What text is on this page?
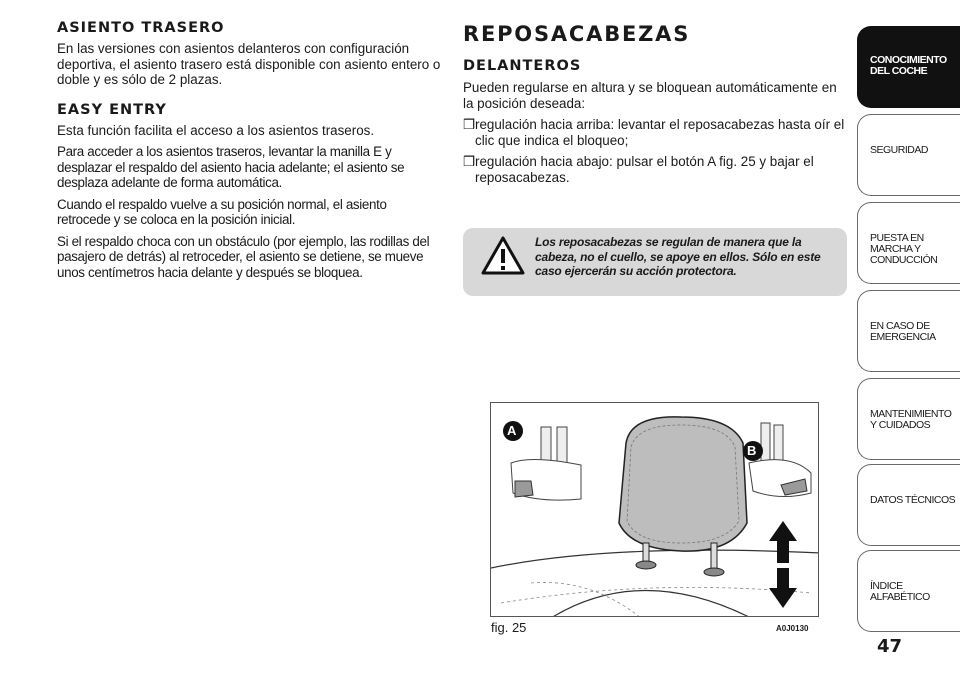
ASIENTO TRASERO
En las versiones con asientos delanteros con configuración deportiva, el asiento trasero está disponible con asiento entero o doble y es sólo de 2 plazas.
EASY ENTRY
Esta función facilita el acceso a los asientos traseros.
Para acceder a los asientos traseros, levantar la manilla E y desplazar el respaldo del asiento hacia adelante; el asiento se desplaza adelante de forma automática.
Cuando el respaldo vuelve a su posición normal, el asiento retrocede y se coloca en la posición inicial.
Si el respaldo choca con un obstáculo (por ejemplo, las rodillas del pasajero de detrás) al retroceder, el asiento se detiene, se mueve unos centímetros hacia delante y después se bloquea.
REPOSACABEZAS
DELANTEROS
Pueden regularse en altura y se bloquean automáticamente en la posición deseada:
❒ regulación hacia arriba: levantar el reposacabezas hasta oír el clic que indica el bloqueo;
❒ regulación hacia abajo: pulsar el botón A fig. 25 y bajar el reposacabezas.
Los reposacabezas se regulan de manera que la cabeza, no el cuello, se apoye en ellos. Sólo en este caso ejercerán su acción protectora.
A
B
fig. 25	A0J0130
CONOCIMIENTO DEL COCHE
SEGURIDAD
PUESTA EN MARCHA Y CONDUCCIÓN
EN CASO DE EMERGENCIA
MANTENIMIENTO Y CUIDADOS
DATOS TÉCNICOS
ÍNDICE ALFABÉTICO
47
